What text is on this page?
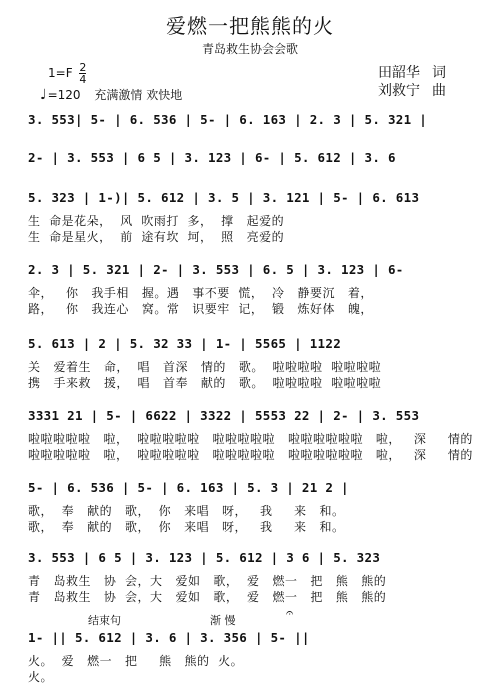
爱燃一把熊熊的火
青岛救生协会会歌
$1=F \frac{2}{4}$
♩=120 充满激情 欢快地
田韶华 词
刘救宁 曲
3. 553| 5- | 6. 536 | 5- | 6. 163 | 2. 3 | 5. 321 |
2- | 3. 553 | 6 5 | 3. 123 | 6- | 5. 612 | 3. 6
5. 323 | 1-)| 5. 612 | 3. 5 | 3. 121 | 5- | 6. 613
生  命是花朵，  风  吹雨打  多，  撑   起爱的
生  命是星火，  前  途有坎  坷，  照   亮爱的
2. 3 | 5. 321 | 2- | 3. 553 | 6. 5 | 3. 123 | 6-
伞，   你   我手相   握。遇   事不要  慌，  冷   静要沉   着，
路，   你   我连心   窝。常   识要牢  记，  锻   炼好体   魄，
5. 613 | 2 | 5. 32 33 | 1- | 5565 | 1122
关   爱着生   命，  唱   首深   情的   歌。  啦啦啦啦  啦啦啦啦
携   手来救   援，  唱   首奉   献的   歌。  啦啦啦啦  啦啦啦啦
3331 21 | 5- | 6622 | 3322 | 5553 22 | 2- | 3. 553
啦啦啦啦啦   啦，  啦啦啦啦啦   啦啦啦啦啦   啦啦啦啦啦啦   啦，   深     情的
啦啦啦啦啦   啦，  啦啦啦啦啦   啦啦啦啦啦   啦啦啦啦啦啦   啦，   深     情的
5- | 6. 536 | 5- | 6. 163 | 5. 3 | 21 2 |
歌，  奉   献的   歌，  你   来唱   呀，   我     来   和。
歌，  奉   献的   歌，  你   来唱   呀，   我     来   和。
3. 553 | 6 5 | 3. 123 | 5. 612 | 3 6 | 5. 323
青   岛救生   协  会，大   爱如   歌，  爱   燃一   把   熊   熊的
青   岛救生   协  会，大   爱如   歌，  爱   燃一   把   熊   熊的
结束句	渐 慢	𝄐
1- || 5. 612 | 3. 6 | 3. 356 | 5- ||
火。  爱   燃一   把     熊   熊的  火。
火。
